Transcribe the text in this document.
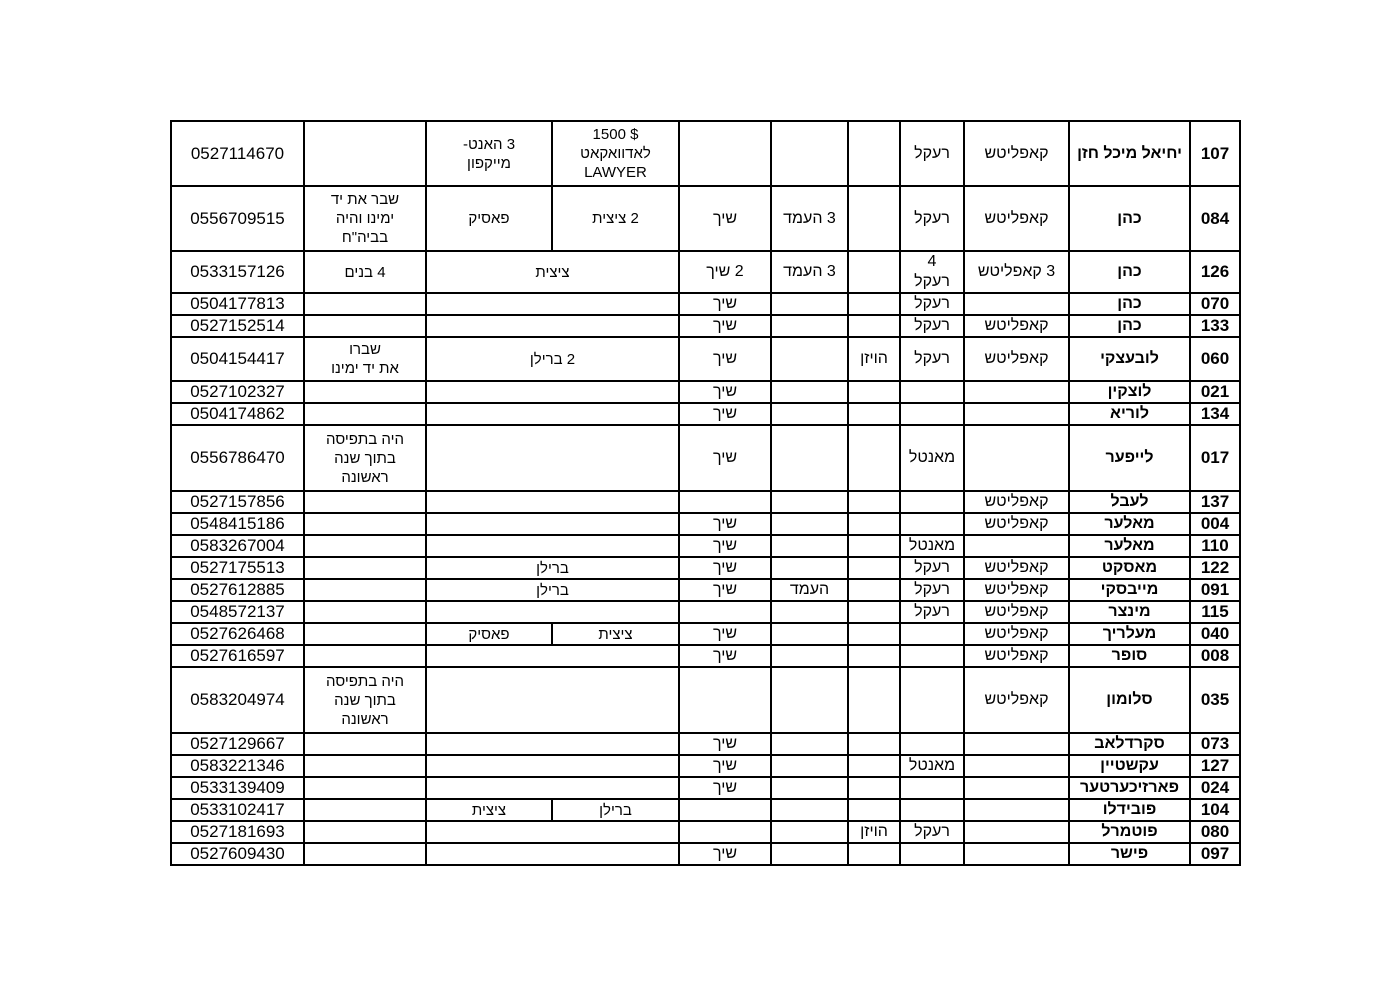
107	יחיאל מיכל חזן	קאפליטש	רעקל				$ 1500
לאדוואקאט
LAWYER	3 האנט-
מייקפון		0527114670
084	כהן	קאפליטש	רעקל		3 העמד	שיך	2 ציצית	פאסיק	שבר את יד
ימינו והיה
בביה"ח	0556709515
126	כהן	3 קאפליטש	4
רעקל		3 העמד	2 שיך	ציצית		4 בנים	0533157126
070	כהן		רעקל			שיך				0504177813
133	כהן	קאפליטש	רעקל			שיך				0527152514
060	לובעצקי	קאפליטש	רעקל	הויזן		שיך	2 ברילן		שברו
את יד ימינו	0504154417
021	לוצקין					שיך				0527102327
134	לוריא					שיך				0504174862
017	לייפער		מאנטל			שיך			היה בתפיסה
בתוך שנה
ראשונה	0556786470
137	לעבל	קאפליטש								0527157856
004	מאלער	קאפליטש				שיך				0548415186
110	מאלער		מאנטל			שיך				0583267004
122	מאסקט	קאפליטש	רעקל			שיך	ברילן			0527175513
091	מייבסקי	קאפליטש	רעקל		העמד	שיך	ברילן			0527612885
115	מינצר	קאפליטש	רעקל							0548572137
040	מעלריך	קאפליטש				שיך	ציצית	פאסיק		0527626468
008	סופר	קאפליטש				שיך				0527616597
035	סלומון	קאפליטש							היה בתפיסה
בתוך שנה
ראשונה	0583204974
073	סקרדלאב					שיך				0527129667
127	עקשטיין		מאנטל			שיך				0583221346
024	פארזיכערטער					שיך				0533139409
104	פובידלו						ברילן	ציצית		0533102417
080	פוטמרל		רעקל	הויזן						0527181693
097	פישר					שיך				0527609430
